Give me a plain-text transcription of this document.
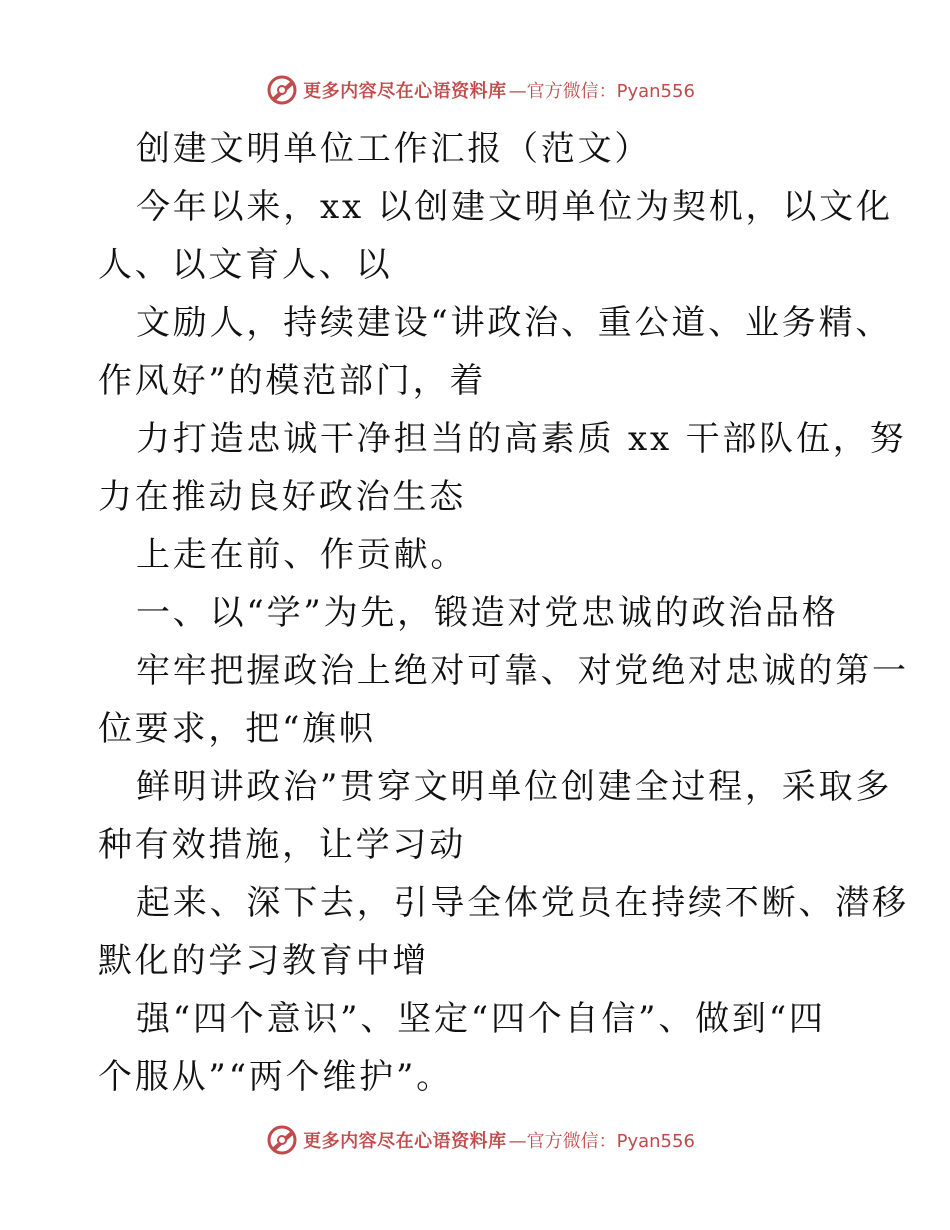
更多内容尽在心语资料库 —官方微信：Pyan556
创建文明单位工作汇报（范文）
今年以来，xx 以创建文明单位为契机，以文化
人、以文育人、以
文励人，持续建设“讲政治、重公道、业务精、
作风好”的模范部门，着
力打造忠诚干净担当的高素质 xx 干部队伍，努
力在推动良好政治生态
上走在前、作贡献。
一、以“学”为先，锻造对党忠诚的政治品格
牢牢把握政治上绝对可靠、对党绝对忠诚的第一
位要求，把“旗帜
鲜明讲政治”贯穿文明单位创建全过程，采取多
种有效措施，让学习动
起来、深下去，引导全体党员在持续不断、潜移
默化的学习教育中增
强“四个意识”、坚定“四个自信”、做到“四
个服从”“两个维护”。
更多内容尽在心语资料库 —官方微信：Pyan556
